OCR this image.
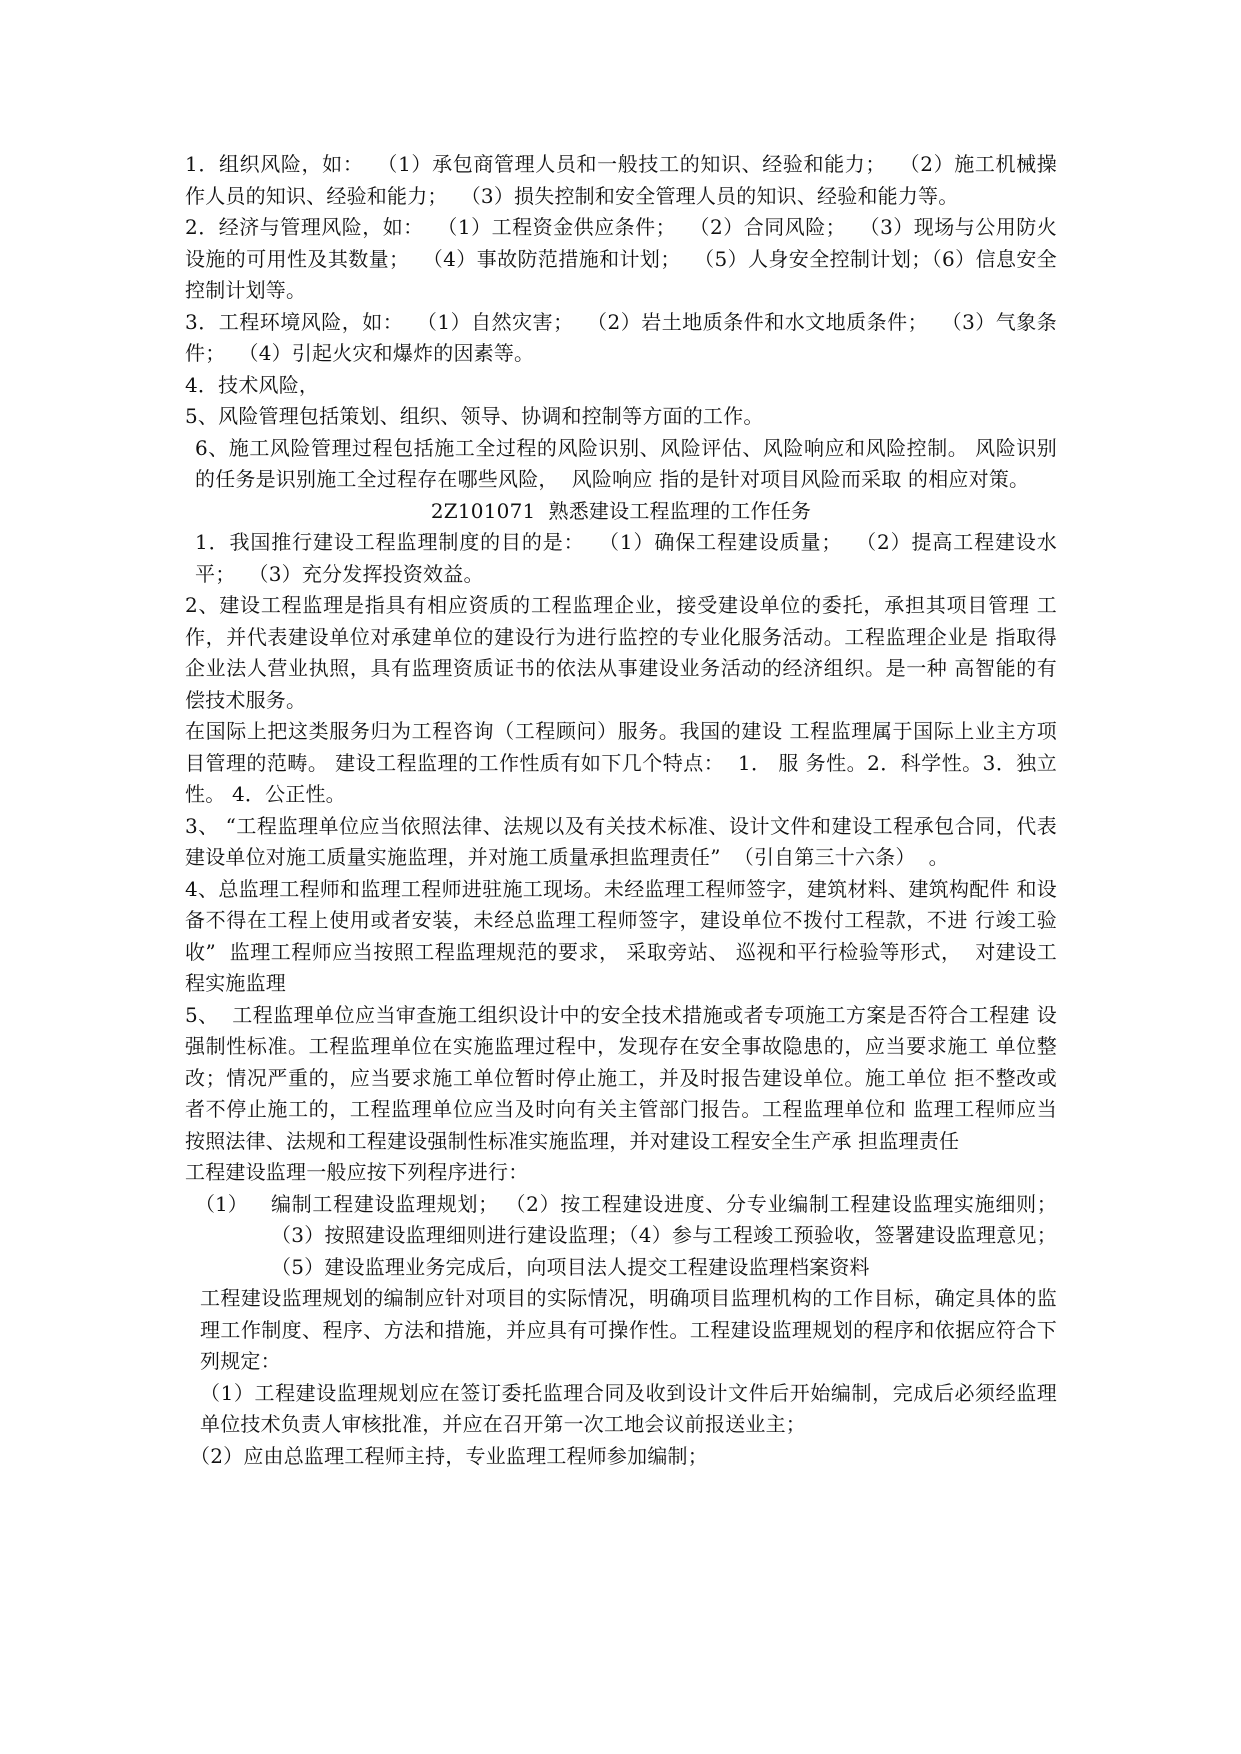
1．组织风险，如：  （1）承包商管理人员和一般技工的知识、经验和能力；  （2）施工机械操作人员的知识、经验和能力；  （3）损失控制和安全管理人员的知识、经验和能力等。

2．经济与管理风险，如：  （1）工程资金供应条件；  （2）合同风险；  （3）现场与公用防火设施的可用性及其数量；  （4）事故防范措施和计划；  （5）人身安全控制计划；（6）信息安全控制计划等。

3．工程环境风险，如：  （1）自然灾害；  （2）岩土地质条件和水文地质条件；  （3）气象条件；  （4）引起火灾和爆炸的因素等。

4．技术风险，

5、风险管理包括策划、组织、领导、协调和控制等方面的工作。

6、施工风险管理过程包括施工全过程的风险识别、风险评估、风险响应和风险控制。 风险识别 的任务是识别施工全过程存在哪些风险，  风险响应 指的是针对项目风险而采取 的相应对策。

2Z101071  熟悉建设工程监理的工作任务

1．我国推行建设工程监理制度的目的是：  （1）确保工程建设质量；  （2）提高工程建设水平；  （3）充分发挥投资效益。

2、建设工程监理是指具有相应资质的工程监理企业，接受建设单位的委托，承担其项目管理 工作，并代表建设单位对承建单位的建设行为进行监控的专业化服务活动。工程监理企业是 指取得企业法人营业执照，具有监理资质证书的依法从事建设业务活动的经济组织。是一种 高智能的有偿技术服务。

在国际上把这类服务归为工程咨询（工程顾问）服务。我国的建设 工程监理属于国际上业主方项目管理的范畴。 建设工程监理的工作性质有如下几个特点：  1． 服 务性。2．科学性。3．独立性。 4．公正性。

3、 “工程监理单位应当依照法律、法规以及有关技术标准、设计文件和建设工程承包合同，代表建设单位对施工质量实施监理，并对施工质量承担监理责任”  （引自第三十六条）  。

4、总监理工程师和监理工程师进驻施工现场。未经监理工程师签字，建筑材料、建筑构配件 和设备不得在工程上使用或者安装，未经总监理工程师签字，建设单位不拨付工程款，不进 行竣工验收”  监理工程师应当按照工程监理规范的要求， 采取旁站、 巡视和平行检验等形式，  对建设工程实施监理

5、  工程监理单位应当审查施工组织设计中的安全技术措施或者专项施工方案是否符合工程建 设强制性标准。工程监理单位在实施监理过程中，发现存在安全事故隐患的，应当要求施工 单位整改；情况严重的，应当要求施工单位暂时停止施工，并及时报告建设单位。施工单位 拒不整改或者不停止施工的，工程监理单位应当及时向有关主管部门报告。工程监理单位和 监理工程师应当按照法律、法规和工程建设强制性标准实施监理，并对建设工程安全生产承 担监理责任

工程建设监理一般应按下列程序进行：

（1）	编制工程建设监理规划； （2）按工程建设进度、分专业编制工程建设监理实施细则； （3）按照建设监理细则进行建设监理；（4）参与工程竣工预验收，签署建设监理意见； （5）建设监理业务完成后，向项目法人提交工程建设监理档案资料

工程建设监理规划的编制应针对项目的实际情况，明确项目监理机构的工作目标，确定具体的监理工作制度、程序、方法和措施，并应具有可操作性。工程建设监理规划的程序和依据应符合下列规定：

（1）工程建设监理规划应在签订委托监理合同及收到设计文件后开始编制，完成后必须经监理单位技术负责人审核批准，并应在召开第一次工地会议前报送业主；

（2）应由总监理工程师主持，专业监理工程师参加编制；
